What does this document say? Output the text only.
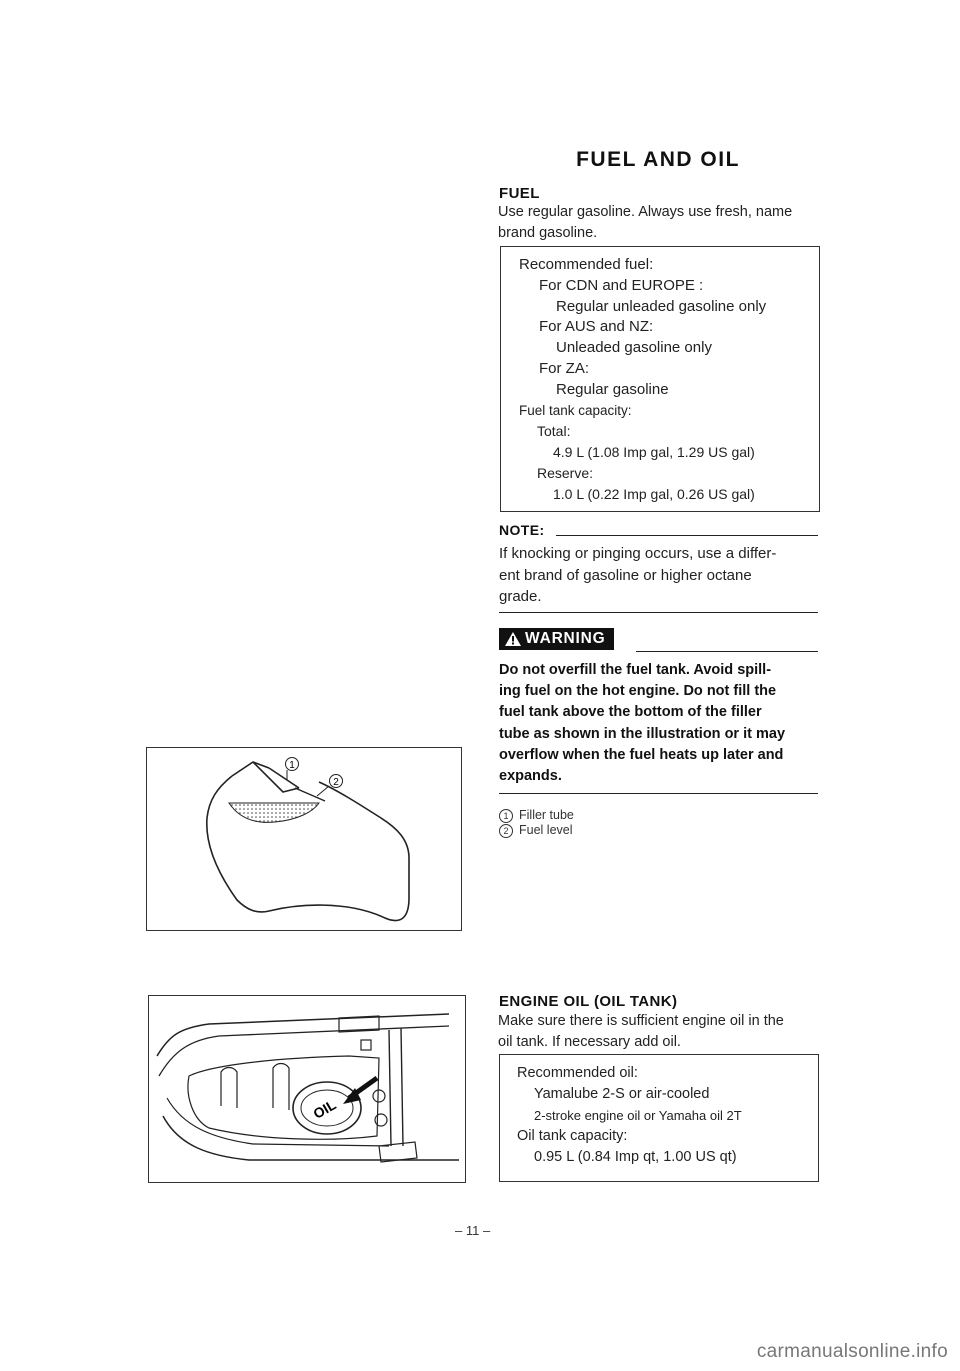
FUEL AND OIL
FUEL
Use regular gasoline. Always use fresh, name
brand gasoline.
Recommended fuel:
For CDN and EUROPE :
Regular unleaded gasoline only
For AUS and NZ:
Unleaded gasoline only
For ZA:
Regular gasoline
Fuel tank capacity:
Total:
4.9 L (1.08 Imp gal, 1.29 US gal)
Reserve:
1.0 L (0.22 Imp gal, 0.26 US gal)
NOTE:
If knocking or pinging occurs, use a differ-
ent brand of gasoline or higher octane
grade.
WARNING
Do not overfill the fuel tank. Avoid spill-
ing fuel on the hot engine. Do not fill the
fuel tank above the bottom of the filler
tube as shown in the illustration or it may
overflow when the fuel heats up later and
expands.
1 Filler tube
2 Fuel level
1
2
ENGINE OIL (OIL TANK)
Make sure there is sufficient engine oil in the
oil tank. If necessary add oil.
Recommended oil:
Yamalube 2-S or air-cooled
2-stroke engine oil or Yamaha oil 2T
Oil tank capacity:
0.95 L (0.84 Imp qt, 1.00 US qt)
OIL
– 11 –
carmanualsonline.info
